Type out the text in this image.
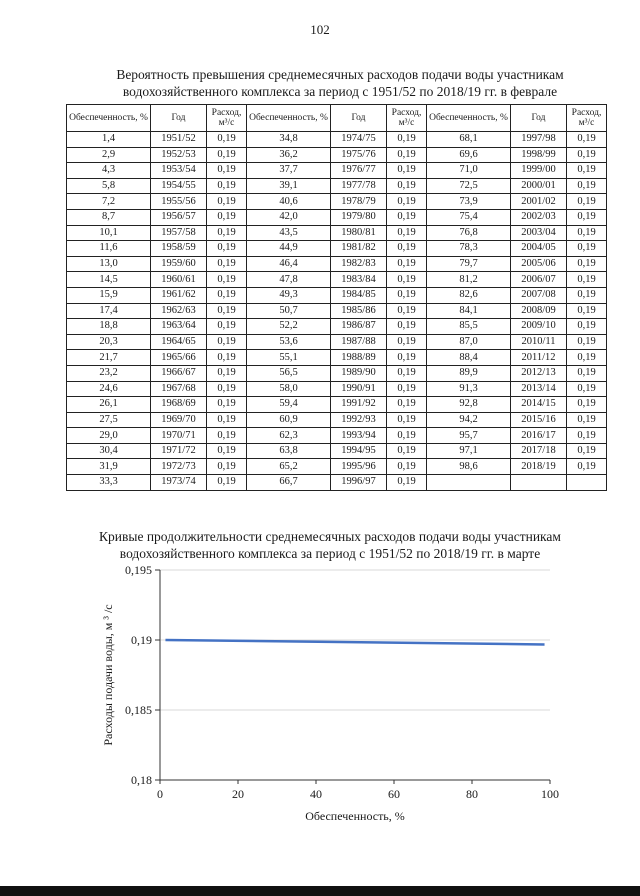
102
Вероятность превышения среднемесячных расходов подачи воды участникам водохозяйственного комплекса за период с 1951/52 по 2018/19 гг. в феврале
Обеспеченность, %	Год	Расход, м³/с	Обеспеченность, %	Год	Расход, м³/с	Обеспеченность, %	Год	Расход, м³/с
1,4	1951/52	0,19	34,8	1974/75	0,19	68,1	1997/98	0,19
2,9	1952/53	0,19	36,2	1975/76	0,19	69,6	1998/99	0,19
4,3	1953/54	0,19	37,7	1976/77	0,19	71,0	1999/00	0,19
5,8	1954/55	0,19	39,1	1977/78	0,19	72,5	2000/01	0,19
7,2	1955/56	0,19	40,6	1978/79	0,19	73,9	2001/02	0,19
8,7	1956/57	0,19	42,0	1979/80	0,19	75,4	2002/03	0,19
10,1	1957/58	0,19	43,5	1980/81	0,19	76,8	2003/04	0,19
11,6	1958/59	0,19	44,9	1981/82	0,19	78,3	2004/05	0,19
13,0	1959/60	0,19	46,4	1982/83	0,19	79,7	2005/06	0,19
14,5	1960/61	0,19	47,8	1983/84	0,19	81,2	2006/07	0,19
15,9	1961/62	0,19	49,3	1984/85	0,19	82,6	2007/08	0,19
17,4	1962/63	0,19	50,7	1985/86	0,19	84,1	2008/09	0,19
18,8	1963/64	0,19	52,2	1986/87	0,19	85,5	2009/10	0,19
20,3	1964/65	0,19	53,6	1987/88	0,19	87,0	2010/11	0,19
21,7	1965/66	0,19	55,1	1988/89	0,19	88,4	2011/12	0,19
23,2	1966/67	0,19	56,5	1989/90	0,19	89,9	2012/13	0,19
24,6	1967/68	0,19	58,0	1990/91	0,19	91,3	2013/14	0,19
26,1	1968/69	0,19	59,4	1991/92	0,19	92,8	2014/15	0,19
27,5	1969/70	0,19	60,9	1992/93	0,19	94,2	2015/16	0,19
29,0	1970/71	0,19	62,3	1993/94	0,19	95,7	2016/17	0,19
30,4	1971/72	0,19	63,8	1994/95	0,19	97,1	2017/18	0,19
31,9	1972/73	0,19	65,2	1995/96	0,19	98,6	2018/19	0,19
33,3	1973/74	0,19	66,7	1996/97	0,19			
Кривые продолжительности среднемесячных расходов подачи воды участникам водохозяйственного комплекса за период с 1951/52 по 2018/19 гг. в марте
0,18
0,185
0,19
0,195
0	20	40	60	80	100
Расходы подачи воды, м ³ /с
Обеспеченность, %
